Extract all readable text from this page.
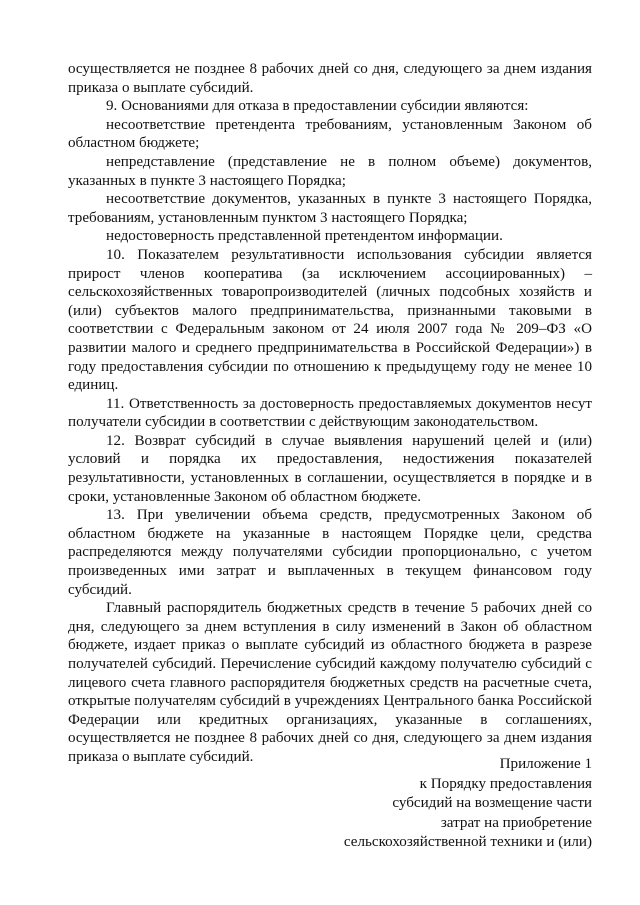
осуществляется не позднее 8 рабочих дней со дня, следующего за днем издания приказа о выплате субсидий.

9. Основаниями для отказа в предоставлении субсидии являются:

несоответствие претендента требованиям, установленным Законом об областном бюджете;

непредставление (представление не в полном объеме) документов, указанных в пункте 3 настоящего Порядка;

несоответствие документов, указанных в пункте 3 настоящего Порядка, требованиям, установленным пунктом 3 настоящего Порядка;

недостоверность представленной претендентом информации.

10. Показателем результативности использования субсидии является прирост членов кооператива (за исключением ассоциированных) – сельскохозяйственных товаропроизводителей (личных подсобных хозяйств и (или) субъектов малого предпринимательства, признанными таковыми в соответствии с Федеральным законом от 24 июля 2007 года № 209–ФЗ «О развитии малого и среднего предпринимательства в Российской Федерации») в году предоставления субсидии по отношению к предыдущему году не менее 10 единиц.

11. Ответственность за достоверность предоставляемых документов несут получатели субсидии в соответствии с действующим законодательством.

12. Возврат субсидий в случае выявления нарушений целей и (или) условий и порядка их предоставления, недостижения показателей результативности, установленных в соглашении, осуществляется в порядке и в сроки, установленные Законом об областном бюджете.

13. При увеличении объема средств, предусмотренных Законом об областном бюджете на указанные в настоящем Порядке цели, средства распределяются между получателями субсидии пропорционально, с учетом произведенных ими затрат и выплаченных в текущем финансовом году субсидий.

Главный распорядитель бюджетных средств в течение 5 рабочих дней со дня, следующего за днем вступления в силу изменений в Закон об областном бюджете, издает приказ о выплате субсидий из областного бюджета в разрезе получателей субсидий. Перечисление субсидий каждому получателю субсидий с лицевого счета главного распорядителя бюджетных средств на расчетные счета, открытые получателям субсидий в учреждениях Центрального банка Российской Федерации или кредитных организациях, указанные в соглашениях, осуществляется не позднее 8 рабочих дней со дня, следующего за днем издания приказа о выплате субсидий.	Приложение 1
к Порядку предоставления
субсидий на возмещение части
затрат на приобретение
сельскохозяйственной техники и (или)
